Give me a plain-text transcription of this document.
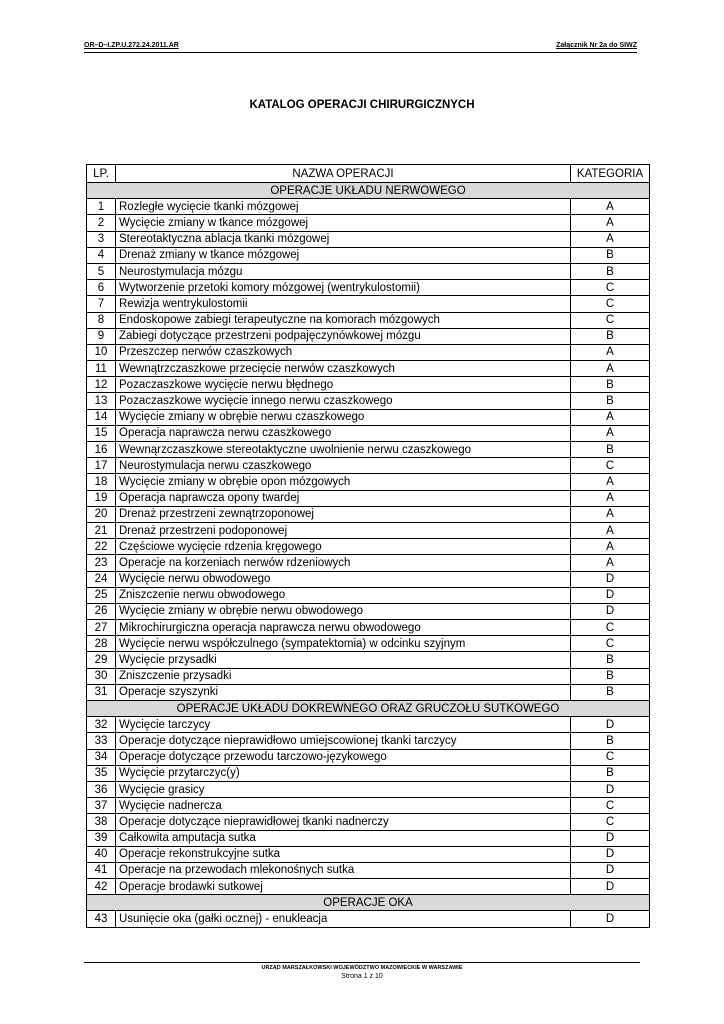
OR–D–I.ZP.U.272.24.2011.AR	Załącznik Nr 2a do SIWZ
KATALOG OPERACJI CHIRURGICZNYCH
LP.	NAZWA OPERACJI	KATEGORIA
OPERACJE UKŁADU NERWOWEGO		
1	Rozległe wycięcie tkanki mózgowej	A
2	Wycięcie zmiany w tkance mózgowej	A
3	Stereotaktyczna ablacja tkanki mózgowej	A
4	Drenaż zmiany w tkance mózgowej	B
5	Neurostymulacja mózgu	B
6	Wytworzenie przetoki komory mózgowej (wentrykulostomii)	C
7	Rewizja wentrykulostomii	C
8	Endoskopowe zabiegi terapeutyczne na komorach mózgowych	C
9	Zabiegi dotyczące przestrzeni podpajęczynówkowej mózgu	B
10	Przeszczep nerwów czaszkowych	A
11	Wewnątrzczaszkowe przecięcie nerwów czaszkowych	A
12	Pozaczaszkowe wycięcie nerwu błędnego	B
13	Pozaczaszkowe wycięcie innego nerwu czaszkowego	B
14	Wycięcie zmiany w obrębie nerwu czaszkowego	A
15	Operacja naprawcza nerwu czaszkowego	A
16	Wewnąrzczaszkowe stereotaktyczne uwolnienie nerwu czaszkowego	B
17	Neurostymulacja nerwu czaszkowego	C
18	Wycięcie zmiany w obrębie opon mózgowych	A
19	Operacja naprawcza opony twardej	A
20	Drenaż przestrzeni zewnątrzoponowej	A
21	Drenaż przestrzeni podoponowej	A
22	Częściowe wycięcie rdzenia kręgowego	A
23	Operacje na korzeniach nerwów rdzeniowych	A
24	Wycięcie nerwu obwodowego	D
25	Zniszczenie nerwu obwodowego	D
26	Wycięcie zmiany w obrębie nerwu obwodowego	D
27	Mikrochirurgiczna operacja naprawcza nerwu obwodowego	C
28	Wycięcie nerwu współczulnego (sympatektomia) w odcinku szyjnym	C
29	Wycięcie przysadki	B
30	Zniszczenie przysadki	B
31	Operacje szyszynki	B
OPERACJE UKŁADU DOKREWNEGO ORAZ GRUCZOŁU SUTKOWEGO		
32	Wycięcie tarczycy	D
33	Operacje dotyczące nieprawidłowo umiejscowionej tkanki tarczycy	B
34	Operacje dotyczące przewodu tarczowo-językowego	C
35	Wycięcie przytarczyc(y)	B
36	Wycięcie grasicy	D
37	Wycięcie nadnercza	C
38	Operacje dotyczące nieprawidłowej tkanki nadnerczy	C
39	Całkowita amputacja sutka	D
40	Operacje rekonstrukcyjne sutka	D
41	Operacje na przewodach mlekonośnych sutka	D
42	Operacje brodawki sutkowej	D
OPERACJE OKA		
43	Usunięcie oka (gałki ocznej) - enukleacja	D
URZĄD MARSZAŁKOWSKI WOJEWÓDZTWO MAZOWIECKIE W WARSZAWIE
Strona 1 z 10
